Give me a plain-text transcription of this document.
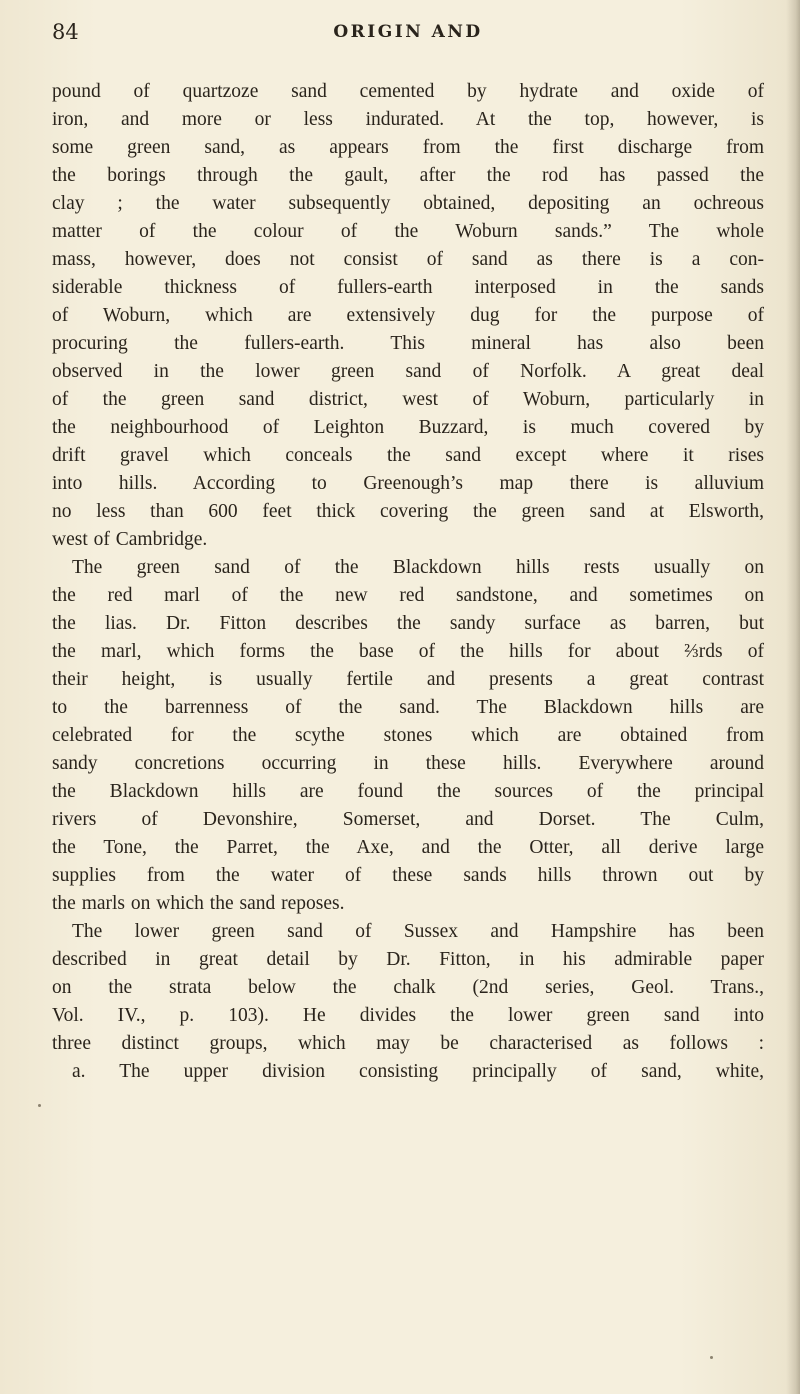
84	ORIGIN AND
pound of quartzoze sand cemented by hydrate and oxide of
iron, and more or less indurated. At the top, however, is
some green sand, as appears from the first discharge from
the borings through the gault, after the rod has passed the
clay ; the water subsequently obtained, depositing an ochreous
matter of the colour of the Woburn sands.” The whole
mass, however, does not consist of sand as there is a con-
siderable thickness of fullers-earth interposed in the sands
of Woburn, which are extensively dug for the purpose of
procuring the fullers-earth. This mineral has also been
observed in the lower green sand of Norfolk. A great deal
of the green sand district, west of Woburn, particularly in
the neighbourhood of Leighton Buzzard, is much covered by
drift gravel which conceals the sand except where it rises
into hills. According to Greenough’s map there is alluvium
no less than 600 feet thick covering the green sand at Elsworth,
west of Cambridge.
The green sand of the Blackdown hills rests usually on
the red marl of the new red sandstone, and sometimes on
the lias. Dr. Fitton describes the sandy surface as barren, but
the marl, which forms the base of the hills for about ⅔rds of
their height, is usually fertile and presents a great contrast
to the barrenness of the sand. The Blackdown hills are
celebrated for the scythe stones which are obtained from
sandy concretions occurring in these hills. Everywhere around
the Blackdown hills are found the sources of the principal
rivers of Devonshire, Somerset, and Dorset. The Culm,
the Tone, the Parret, the Axe, and the Otter, all derive large
supplies from the water of these sands hills thrown out by
the marls on which the sand reposes.
The lower green sand of Sussex and Hampshire has been
described in great detail by Dr. Fitton, in his admirable paper
on the strata below the chalk (2nd series, Geol. Trans.,
Vol. IV., p. 103). He divides the lower green sand into
three distinct groups, which may be characterised as follows :
a. The upper division consisting principally of sand, white,
